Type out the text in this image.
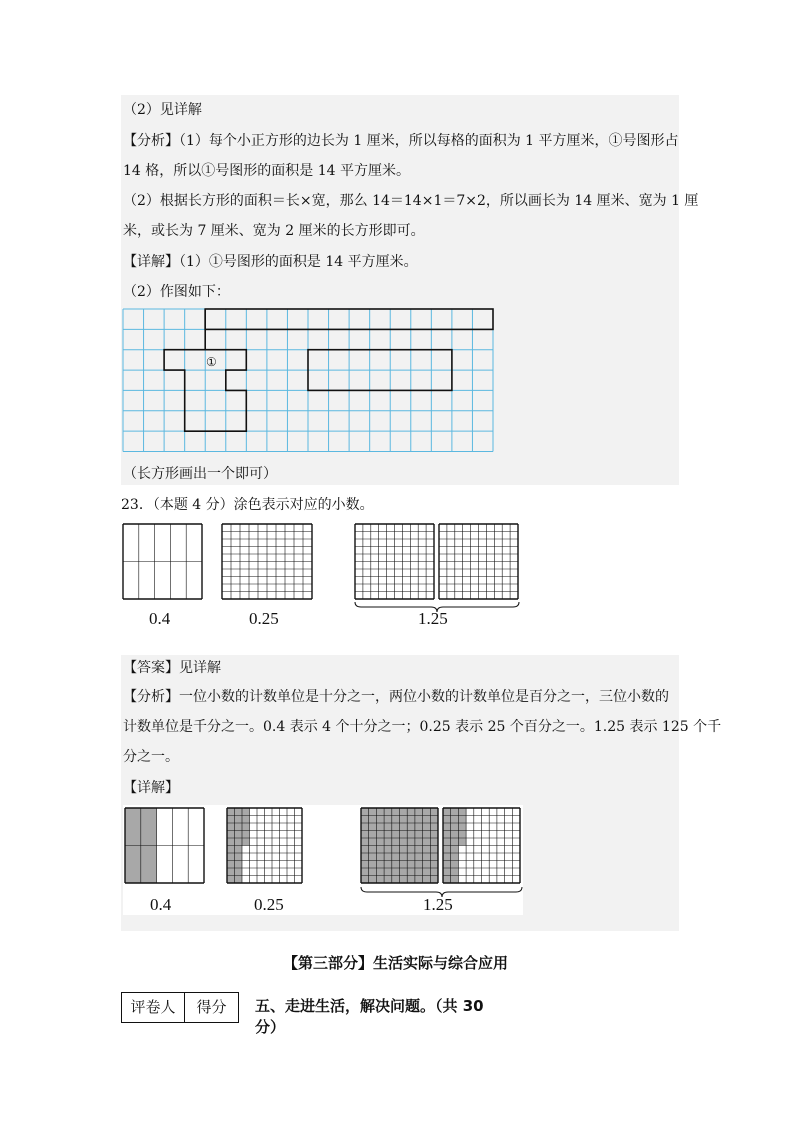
（2）见详解
【分析】（1）每个小正方形的边长为 1 厘米，所以每格的面积为 1 平方厘米，①号图形占
14 格，所以①号图形的面积是 14 平方厘米。
（2）根据长方形的面积＝长×宽，那么 14＝14×1＝7×2，所以画长为 14 厘米、宽为 1 厘
米，或长为 7 厘米、宽为 2 厘米的长方形即可。
【详解】（1）①号图形的面积是 14 平方厘米。
（2）作图如下：
①
（长方形画出一个即可）
23．（本题 4 分）涂色表示对应的小数。
0.4	0.25	1.25
【答案】见详解
【分析】一位小数的计数单位是十分之一，两位小数的计数单位是百分之一，三位小数的
计数单位是千分之一。0.4 表示 4 个十分之一；0.25 表示 25 个百分之一。1.25 表示 125 个千
分之一。
【详解】
0.4	0.25	1.25
【第三部分】生活实际与综合应用
评卷人	得分	五、走进生活，解决问题。（共 30
分）
